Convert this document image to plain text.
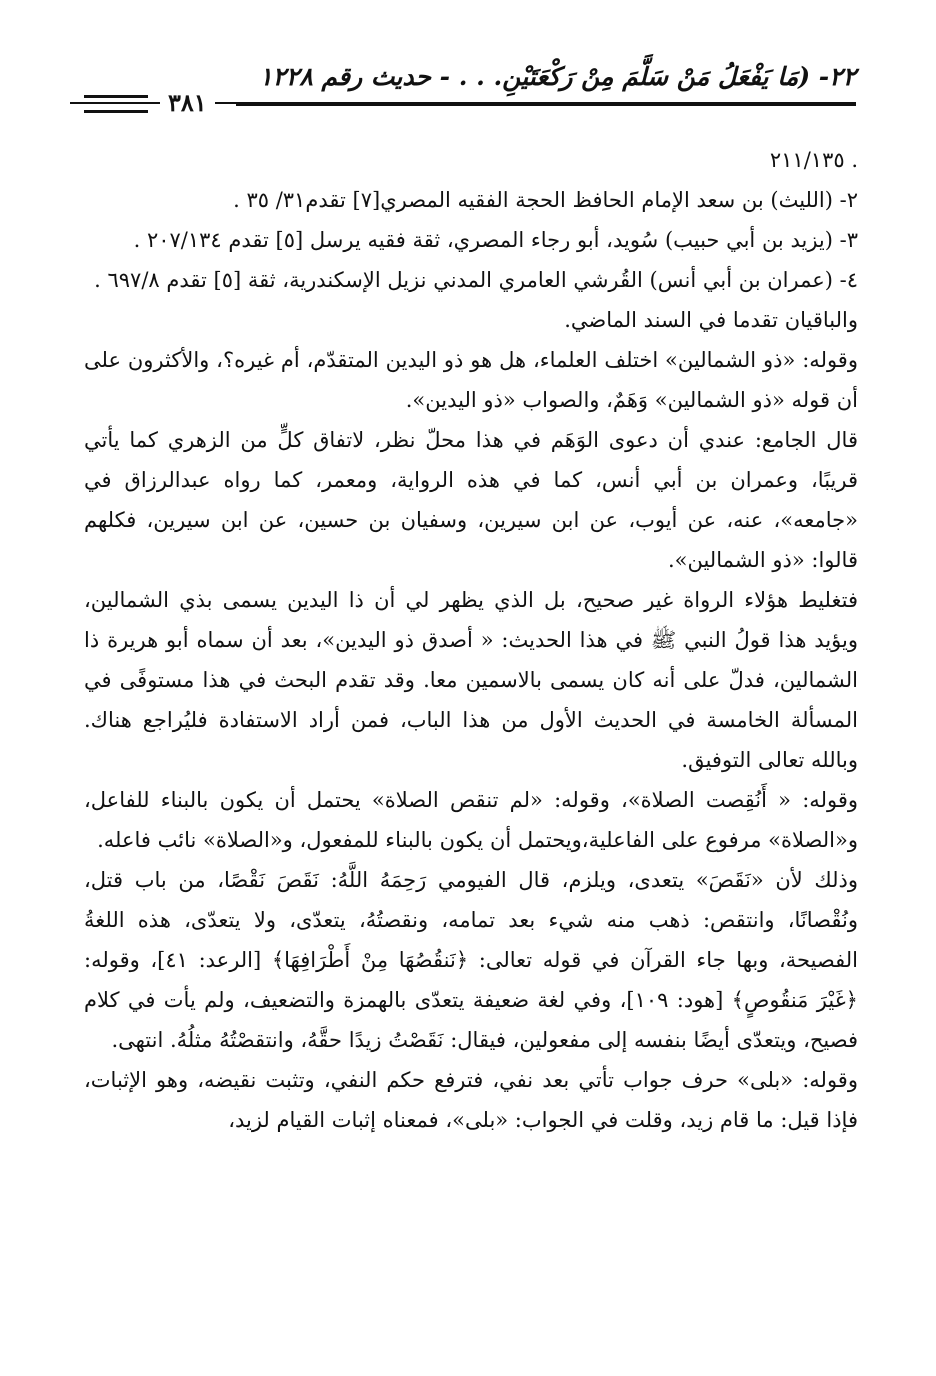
٢٢- (مَا يَفْعَلُ مَنْ سَلَّمَ مِنْ رَكْعَتَيْنِ. . . - حديث رقم ١٢٢٨
٣٨١

. ٢١١/١٣٥

٢- (الليث) بن سعد الإمام الحافظ الحجة الفقيه المصري[٧] تقدم٣١/ ٣٥ .

٣- (يزيد بن أبي حبيب) سُويد، أبو رجاء المصري، ثقة فقيه يرسل [٥] تقدم ٢٠٧/١٣٤ .

٤- (عمران بن أبي أنس) القُرشي العامري المدني نزيل الإسكندرية، ثقة [٥] تقدم ٦٩٧/٨ .

والباقيان تقدما في السند الماضي.

وقوله: «ذو الشمالين» اختلف العلماء، هل هو ذو اليدين المتقدّم، أم غيره؟، والأكثرون على أن قوله «ذو الشمالين» وَهَمٌ، والصواب «ذو اليدين».

قال الجامع: عندي أن دعوى الوَهَم في هذا محلّ نظر، لاتفاق كلٍّ من الزهري كما يأتي قريبًا، وعمران بن أبي أنس، كما في هذه الرواية، ومعمر، كما رواه عبدالرزاق في «جامعه»، عنه، عن أيوب، عن ابن سيرين، وسفيان بن حسين، عن ابن سيرين، فكلهم قالوا: «ذو الشمالين».

فتغليط هؤلاء الرواة غير صحيح، بل الذي يظهر لي أن ذا اليدين يسمى بذي الشمالين، ويؤيد هذا قولُ النبي ﷺ في هذا الحديث: « أصدق ذو اليدين»، بعد أن سماه أبو هريرة ذا الشمالين، فدلّ على أنه كان يسمى بالاسمين معا. وقد تقدم البحث في هذا مستوفًى في المسألة الخامسة في الحديث الأول من هذا الباب، فمن أراد الاستفادة فليُراجع هناك. وبالله تعالى التوفيق.

وقوله: « أَنُقِصت الصلاة»، وقوله: «لم تنقص الصلاة» يحتمل أن يكون بالبناء للفاعل، و«الصلاة» مرفوع على الفاعلية،ويحتمل أن يكون بالبناء للمفعول، و«الصلاة» نائب فاعله.

وذلك لأن «نَقَصَ» يتعدى، ويلزم، قال الفيومي رَحِمَهُ اللَّهُ: نَقَصَ نَقْصًا، من باب قتل، ونُقْصانًا، وانتقص: ذهب منه شيء بعد تمامه، ونقصتُهُ، يتعدّى، ولا يتعدّى، هذه اللغةُ الفصيحة، وبها جاء القرآن في قوله تعالى: ﴿نَنقُصُهَا مِنْ أَطْرَافِهَا﴾ [الرعد: ٤١]، وقوله: ﴿غَيْرَ مَنقُوصٍ﴾ [هود: ١٠٩]، وفي لغة ضعيفة يتعدّى بالهمزة والتضعيف، ولم يأت في كلام فصيح، ويتعدّى أيضًا بنفسه إلى مفعولين، فيقال: نَقَصْتُ زيدًا حقَّهُ، وانتقصْتُهُ مثلُهُ. انتهى.

وقوله: «بلى» حرف جواب تأتي بعد نفي، فترفع حكم النفي، وتثبت نقيضه، وهو الإثبات، فإذا قيل: ما قام زيد، وقلت في الجواب: «بلى»، فمعناه إثبات القيام لزيد،
